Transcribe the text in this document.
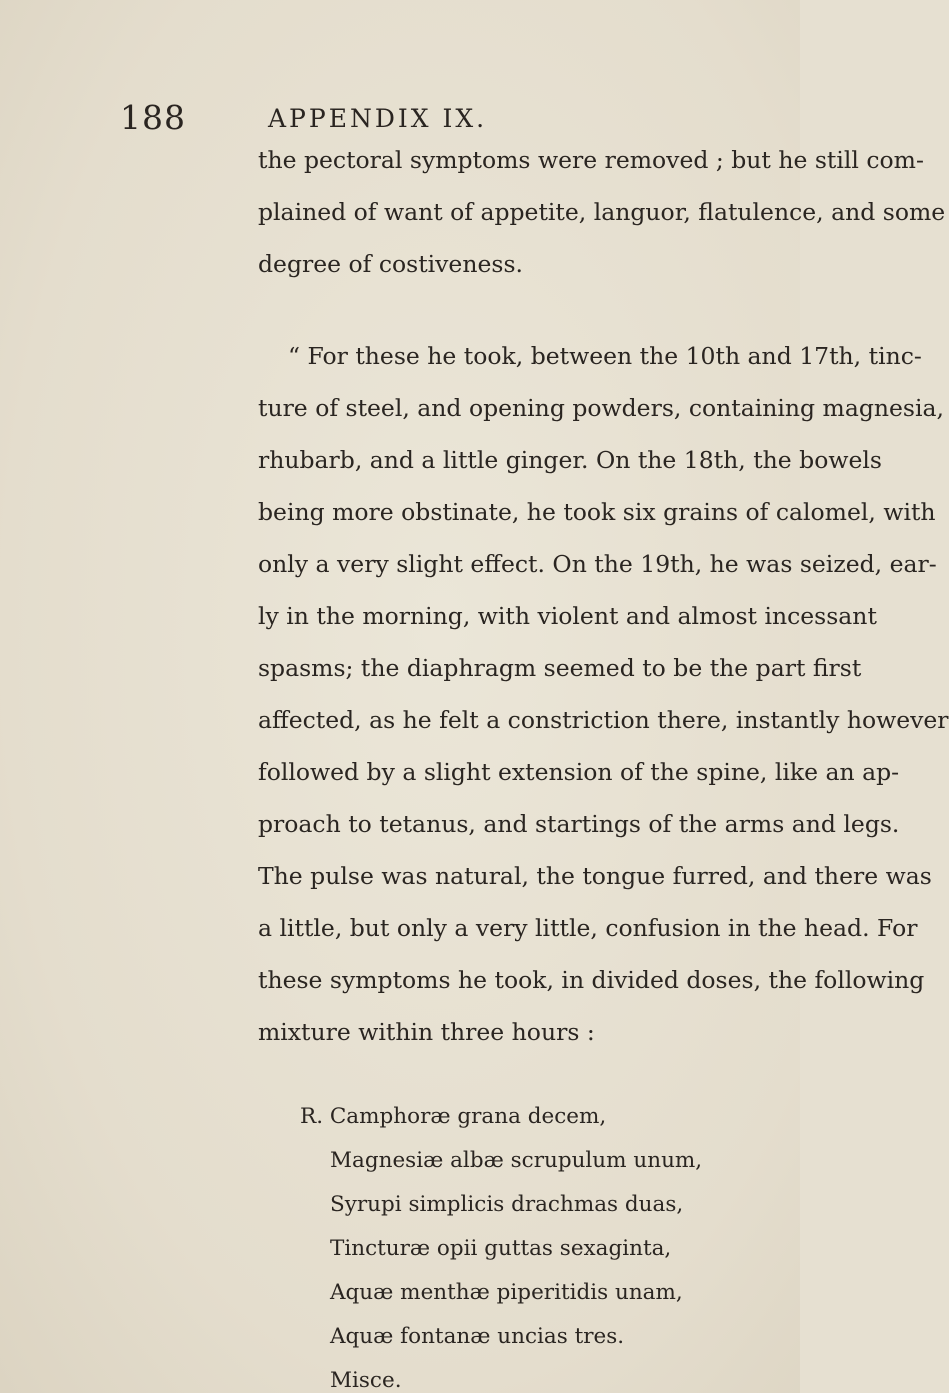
188	APPENDIX IX.
the pectoral symptoms were removed ; but he still com-
plained of want of appetite, languor, flatulence, and some
degree of costiveness.
“ For these he took, between the 10th and 17th, tinc-
ture of steel, and opening powders, containing magnesia,
rhubarb, and a little ginger. On the 18th, the bowels
being more obstinate, he took six grains of calomel, with
only a very slight effect. On the 19th, he was seized, ear-
ly in the morning, with violent and almost incessant
spasms; the diaphragm seemed to be the part first
affected, as he felt a constriction there, instantly however
followed by a slight extension of the spine, like an ap-
proach to tetanus, and startings of the arms and legs.
The pulse was natural, the tongue furred, and there was
a little, but only a very little, confusion in the head. For
these symptoms he took, in divided doses, the following
mixture within three hours :
R. Camphoræ grana decem,
Magnesiæ albæ scrupulum unum,
Syrupi simplicis drachmas duas,
Tincturæ opii guttas sexaginta,
Aquæ menthæ piperitidis unam,
Aquæ fontanæ uncias tres.
Misce.
